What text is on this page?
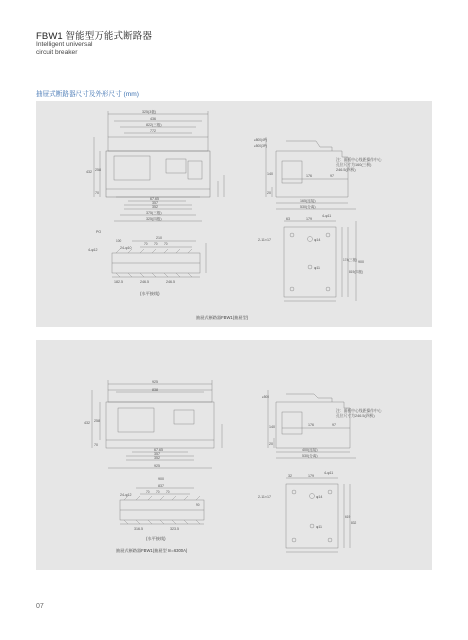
FBW1 智能型万能式断路器
Intelligent universal
circuit breaker
抽屉式断路器尺寸及外形尺寸 (mm)
325(3极)
436
822(三极)
772
432 258
70
67.65
357
352
375(三极)
325(四极)
≥800(4P)
≥500(3P)
140
20
176	97
165(连接)
530(分离)
注：面板中心线距操作中心
孔位尺寸为160(三极)
246.5(四极)
PO
210
70 70 70
100
24-φ10
4-φ12
182.5	246.5	246.5
(水平接线)
63	179
4-φ11
2-11×17	φ14
φ11
174(三极)
819(四极)
900
抽屉式断路器FBW1(抽屉型)
925
838
432 258
70
67.65
357
352
925
≥500
140
20
176	97
400(连接)
530(分离)
注：面板中心线距操作中心
孔位尺寸为246.5(四极)
900
837
24-φ12
70 70 70
90
316.5	323.5
(水平接线)
32	179
4-φ11
2-11×17	φ14
φ11
619
832
抽屉式断路器FBW1(抽屉型 In=6300A)
07
